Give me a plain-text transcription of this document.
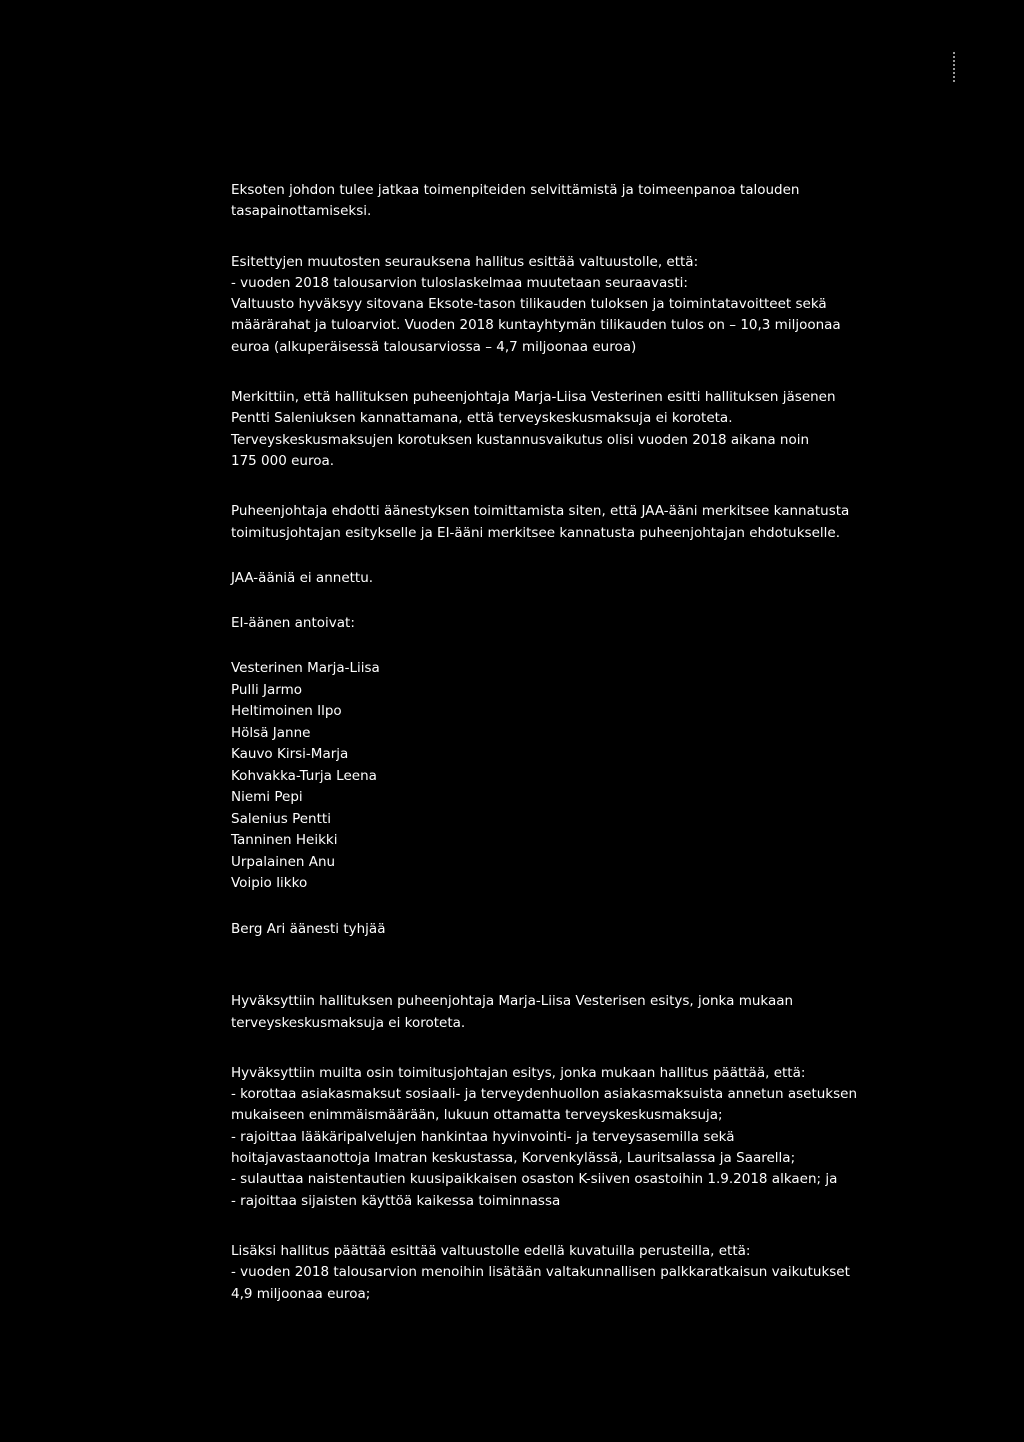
Eksoten johdon tulee jatkaa toimenpiteiden selvittämistä ja toimeenpanoa talouden
tasapainottamiseksi.

Esitettyjen muutosten seurauksena hallitus esittää valtuustolle, että:
- vuoden 2018 talousarvion tuloslaskelmaa muutetaan seuraavasti:
Valtuusto hyväksyy sitovana Eksote-tason tilikauden tuloksen ja toimintatavoitteet sekä
määrärahat ja tuloarviot. Vuoden 2018 kuntayhtymän tilikauden tulos on – 10,3 miljoonaa
euroa (alkuperäisessä talousarviossa – 4,7 miljoonaa euroa)

Merkittiin, että hallituksen puheenjohtaja Marja-Liisa Vesterinen esitti hallituksen jäsenen
Pentti Saleniuksen kannattamana, että terveyskeskusmaksuja ei koroteta.
Terveyskeskusmaksujen korotuksen kustannusvaikutus olisi vuoden 2018 aikana noin
175 000 euroa.

Puheenjohtaja ehdotti äänestyksen toimittamista siten, että JAA-ääni merkitsee kannatusta
toimitusjohtajan esitykselle ja EI-ääni merkitsee kannatusta puheenjohtajan ehdotukselle.

JAA-ääniä ei annettu.

EI-äänen antoivat:

Vesterinen Marja-Liisa
Pulli Jarmo
Heltimoinen Ilpo
Hölsä Janne
Kauvo Kirsi-Marja
Kohvakka-Turja Leena
Niemi Pepi
Salenius Pentti
Tanninen Heikki
Urpalainen Anu
Voipio Iikko

Berg Ari äänesti tyhjää

Hyväksyttiin hallituksen puheenjohtaja Marja-Liisa Vesterisen esitys, jonka mukaan
terveyskeskusmaksuja ei koroteta.

Hyväksyttiin muilta osin toimitusjohtajan esitys, jonka mukaan hallitus päättää, että:
- korottaa asiakasmaksut sosiaali- ja terveydenhuollon asiakasmaksuista annetun asetuksen
mukaiseen enimmäismäärään, lukuun ottamatta terveyskeskusmaksuja;
- rajoittaa lääkäripalvelujen hankintaa hyvinvointi- ja terveysasemilla sekä
hoitajavastaanottoja Imatran keskustassa, Korvenkylässä, Lauritsalassa ja Saarella;
- sulauttaa naistentautien kuusipaikkaisen osaston K-siiven osastoihin 1.9.2018 alkaen; ja
- rajoittaa sijaisten käyttöä kaikessa toiminnassa

Lisäksi hallitus päättää esittää valtuustolle edellä kuvatuilla perusteilla, että:
- vuoden 2018 talousarvion menoihin lisätään valtakunnallisen palkkaratkaisun vaikutukset
4,9 miljoonaa euroa;
